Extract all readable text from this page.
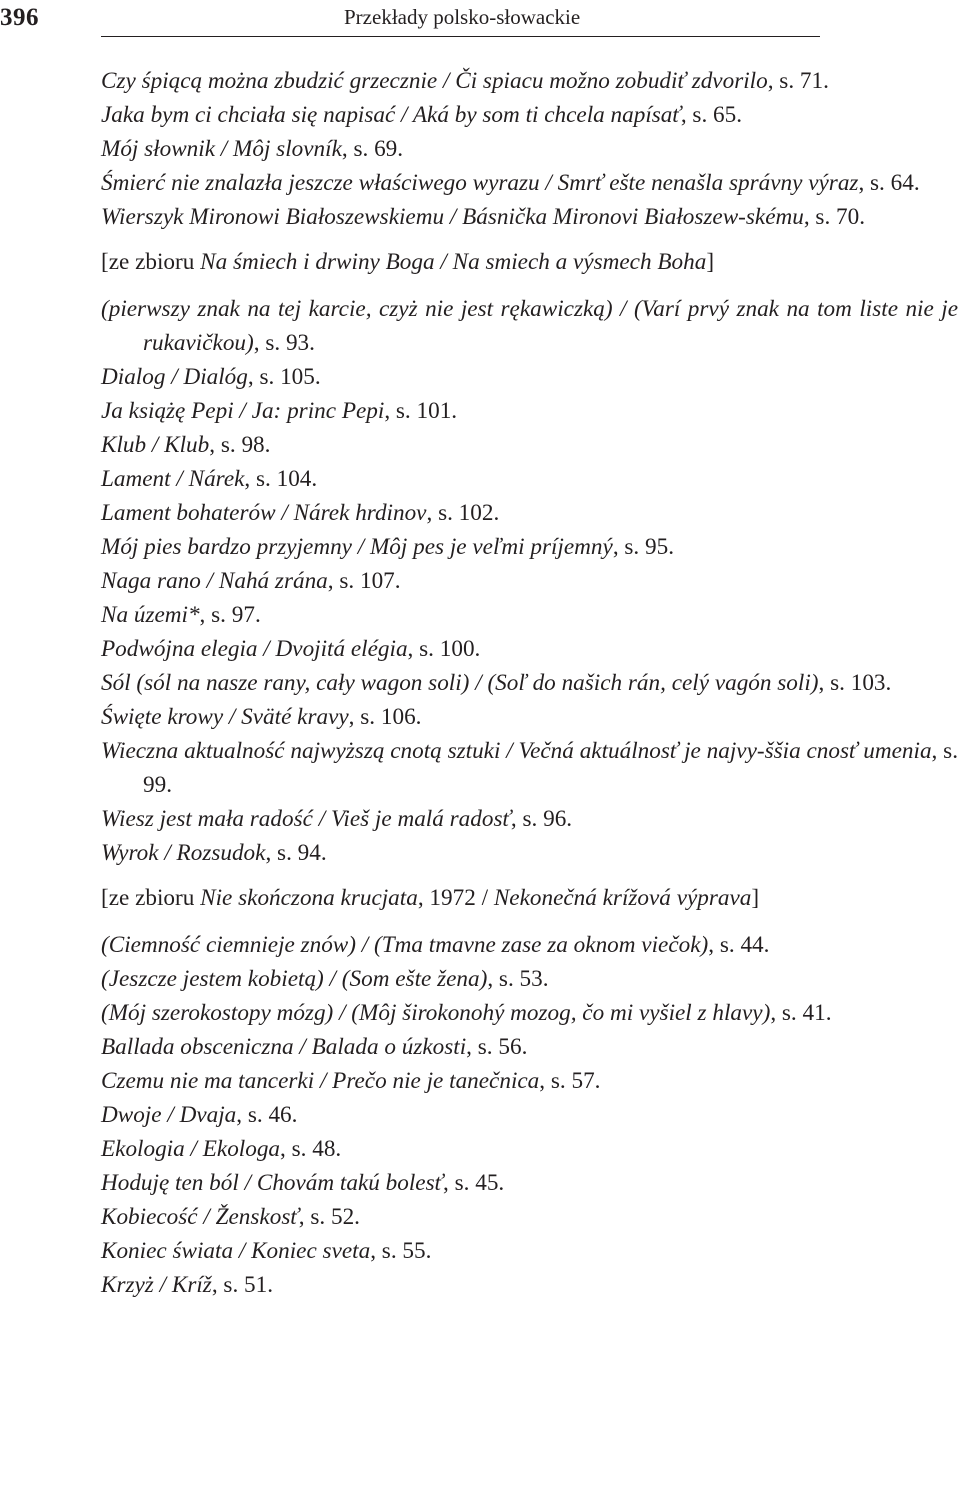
396	Przekłady polsko-słowackie
Czy śpiącą można zbudzić grzecznie / Či spiacu možno zobudiť zdvorilo, s. 71.
Jaka bym ci chciała się napisać / Aká by som ti chcela napísať, s. 65.
Mój słownik / Môj slovník, s. 69.
Śmierć nie znalazła jeszcze właściwego wyrazu / Smrť ešte nenašla správny výraz, s. 64.
Wierszyk Mironowi Białoszewskiemu / Básnička Mironovi Białoszew-skému, s. 70.
[ze zbioru Na śmiech i drwiny Boga / Na smiech a výsmech Boha]
(pierwszy znak na tej karcie, czyż nie jest rękawiczką) / (Varí prvý znak na tom liste nie je rukavičkou), s. 93.
Dialog / Dialóg, s. 105.
Ja książę Pepi / Ja: princ Pepi, s. 101.
Klub / Klub, s. 98.
Lament / Nárek, s. 104.
Lament bohaterów / Nárek hrdinov, s. 102.
Mój pies bardzo przyjemny / Môj pes je veľmi príjemný, s. 95.
Naga rano / Nahá zrána, s. 107.
Na územi*, s. 97.
Podwójna elegia / Dvojitá elégia, s. 100.
Sól (sól na nasze rany, cały wagon soli) / (Soľ do našich rán, celý vagón soli), s. 103.
Święte krowy / Sväté kravy, s. 106.
Wieczna aktualność najwyższą cnotą sztuki / Večná aktuálnosť je najvy-ššia cnosť umenia, s. 99.
Wiesz jest mała radość / Vieš je malá radosť, s. 96.
Wyrok / Rozsudok, s. 94.
[ze zbioru Nie skończona krucjata, 1972 / Nekonečná krížová výprava]
(Ciemność ciemnieje znów) / (Tma tmavne zase za oknom viečok), s. 44.
(Jeszcze jestem kobietą) / (Som ešte žena), s. 53.
(Mój szerokostopy mózg) / (Môj širokonohý mozog, čo mi vyšiel z hlavy), s. 41.
Ballada obsceniczna / Balada o úzkosti, s. 56.
Czemu nie ma tancerki / Prečo nie je tanečnica, s. 57.
Dwoje / Dvaja, s. 46.
Ekologia / Ekologa, s. 48.
Hoduję ten ból / Chovám takú bolesť, s. 45.
Kobiecość / Ženskosť, s. 52.
Koniec świata / Koniec sveta, s. 55.
Krzyż / Kríž, s. 51.
